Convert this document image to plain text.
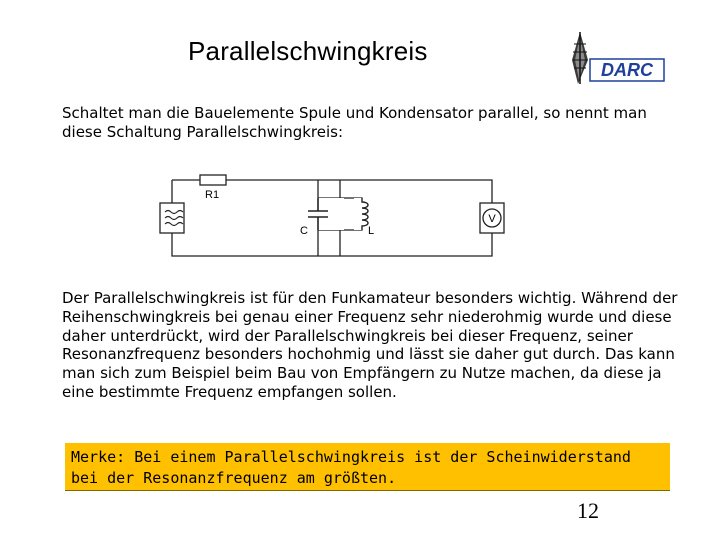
Parallelschwingkreis
DARC
Schaltet man die Bauelemente Spule und Kondensator parallel, so nennt man diese Schaltung Parallelschwingkreis:
R1
C	L
V
Der Parallelschwingkreis ist für den Funkamateur besonders wichtig. Während der Reihenschwingkreis bei genau einer Frequenz sehr niederohmig wurde und diese daher unterdrückt, wird der Parallelschwingkreis bei dieser Frequenz, seiner Resonanzfrequenz besonders hochohmig und lässt sie daher gut durch. Das kann man sich zum Beispiel beim Bau von Empfängern zu Nutze machen, da diese ja eine bestimmte Frequenz empfangen sollen.
Merke: Bei einem Parallelschwingkreis ist der Scheinwiderstand bei der Resonanzfrequenz am größten.
12
